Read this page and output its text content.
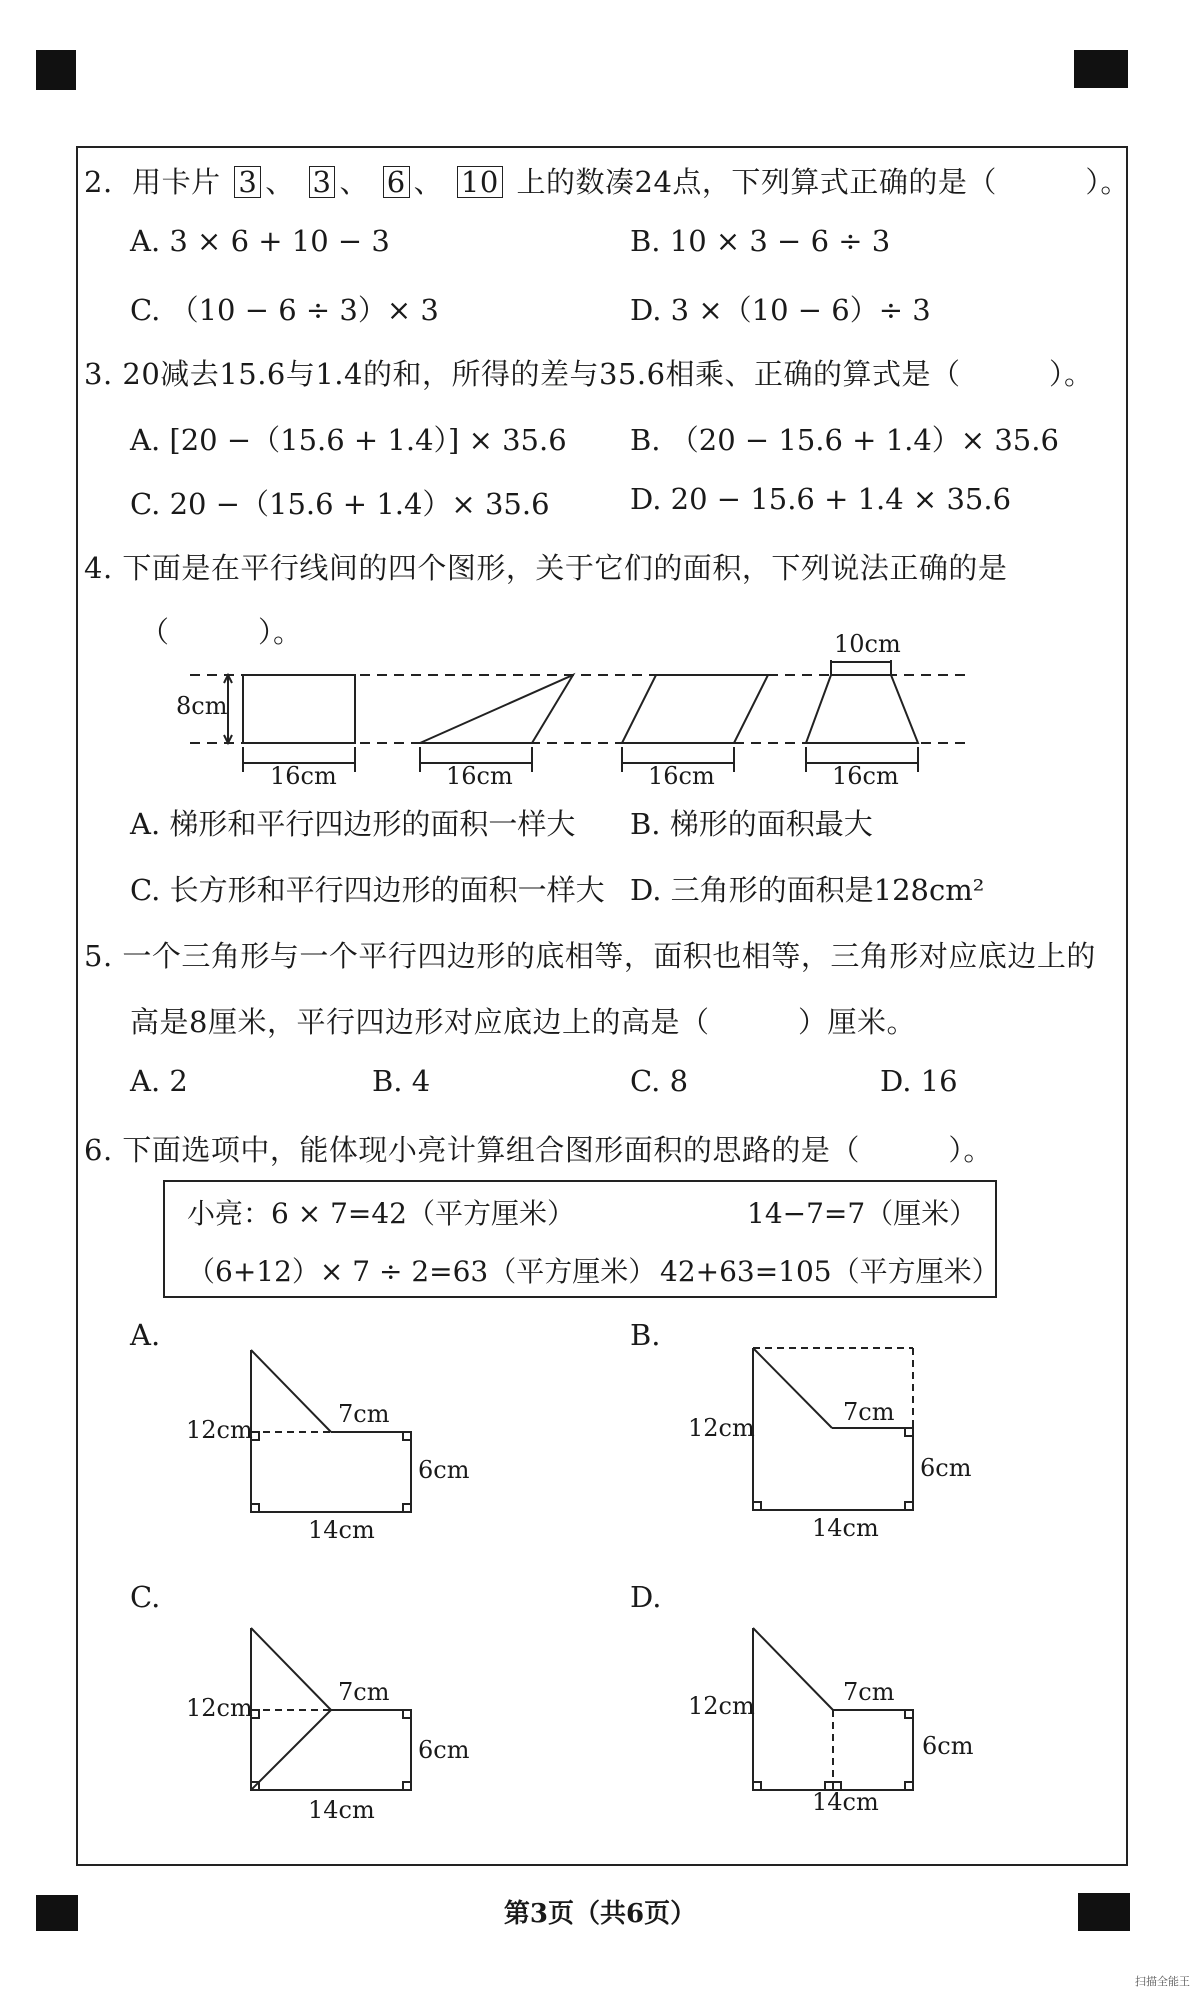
2. 用卡片 3 、 3 、 6 、 10 上的数凑24点，下列算式正确的是（　　　）。
A. 3 × 6 + 10 − 3	B. 10 × 3 − 6 ÷ 3
C. （10 − 6 ÷ 3）× 3	D. 3 ×（10 − 6）÷ 3
3. 20减去15.6与1.4的和，所得的差与35.6相乘、正确的算式是（　　　）。
A. [20 −（15.6 + 1.4）] × 35.6 B. （20 − 15.6 + 1.4）× 35.6
C. 20 −（15.6 + 1.4）× 35.6	D. 20 − 15.6 + 1.4 × 35.6
4. 下面是在平行线间的四个图形，关于它们的面积，下列说法正确的是
（　　　）。
8cm
10cm
16cm	16cm	16cm	16cm
A. 梯形和平行四边形的面积一样大 B. 梯形的面积最大
C. 长方形和平行四边形的面积一样大 D. 三角形的面积是128cm²
5. 一个三角形与一个平行四边形的底相等，面积也相等，三角形对应底边上的
高是8厘米，平行四边形对应底边上的高是（　　　）厘米。
A. 2	B. 4	C. 8	D. 16
6. 下面选项中，能体现小亮计算组合图形面积的思路的是（　　　）。
小亮：6 × 7=42（平方厘米）	14−7=7（厘米）
（6+12）× 7 ÷ 2=63（平方厘米） 42+63=105（平方厘米）
A.	B.
C.	D.
12cm
7cm
6cm
14cm
12cm
7cm
6cm
14cm
12cm
7cm
6cm
14cm
12cm	7cm
6cm
14cm
第3页（共6页）
扫描全能王
